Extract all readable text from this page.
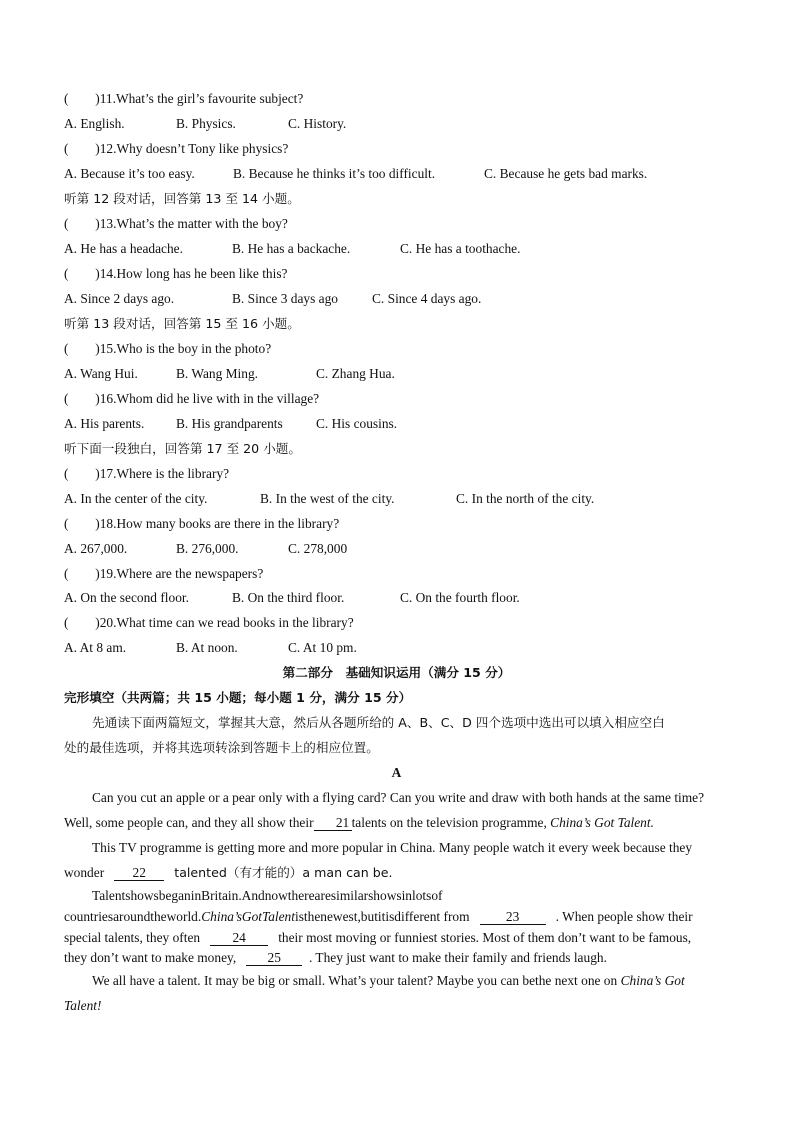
(　　)11.What’s the girl’s favourite subject?
A. English.	B. Physics.	C. History.
(　　)12.Why doesn’t Tony like physics?
A. Because it’s too easy.	B. Because he thinks it’s too difficult.	C. Because he gets bad marks.
听第 12 段对话，回答第 13 至 14 小题。
(　　)13.What’s the matter with the boy?
A. He has a headache.	B. He has a backache.	C. He has a toothache.
(　　)14.How long has he been like this?
A. Since 2 days ago.	B. Since 3 days ago	C. Since 4 days ago.
听第 13 段对话，回答第 15 至 16 小题。
(　　)15.Who is the boy in the photo?
A. Wang Hui.	B. Wang Ming.	C. Zhang Hua.
(　　)16.Whom did he live with in the village?
A. His parents. B. His grandparents C. His cousins.
听下面一段独白，回答第 17 至 20 小题。
(　　)17.Where is the library?
A. In the center of the city.	B. In the west of the city.	C. In the north of the city.
(　　)18.How many books are there in the library?
A. 267,000.	B. 276,000.	C. 278,000
(　　)19.Where are the newspapers?
A. On the second floor.	B. On the third floor.	C. On the fourth floor.
(　　)20.What time can we read books in the library?
A. At 8 am.	B. At noon.	C. At 10 pm.
第二部分　基础知识运用（满分 15 分）
完形填空（共两篇；共 15 小题；每小题 1 分，满分 15 分）
先通读下面两篇短文，掌握其大意，然后从各题所给的 A、B、C、D 四个选项中选出可以填入相应空白
处的最佳选项，并将其选项转涂到答题卡上的相应位置。
A
Can you cut an apple or a pear only with a flying card? Can you write and draw with both hands at the same time?
Well, some people can, and they all show their 21 talents on the television programme, China’s Got Talent.
This TV programme is getting more and more popular in China. Many people watch it every week because they
wonder 22 talented（有才能的）a man can be.
TalentshowsbeganinBritain.Andnowtherearesimilarshowsinlotsof
countriesaroundtheworld.China’sGotTalentisthenewest,butitisdifferent from	23	. When people show their
special talents, they often 24 their most moving or funniest stories. Most of them don’t want to be famous,
they don’t want to make money, 25 . They just want to make their family and friends laugh.
We all have a talent. It may be big or small. What’s your talent? Maybe you can bethe next one on China’s Got
Talent!
